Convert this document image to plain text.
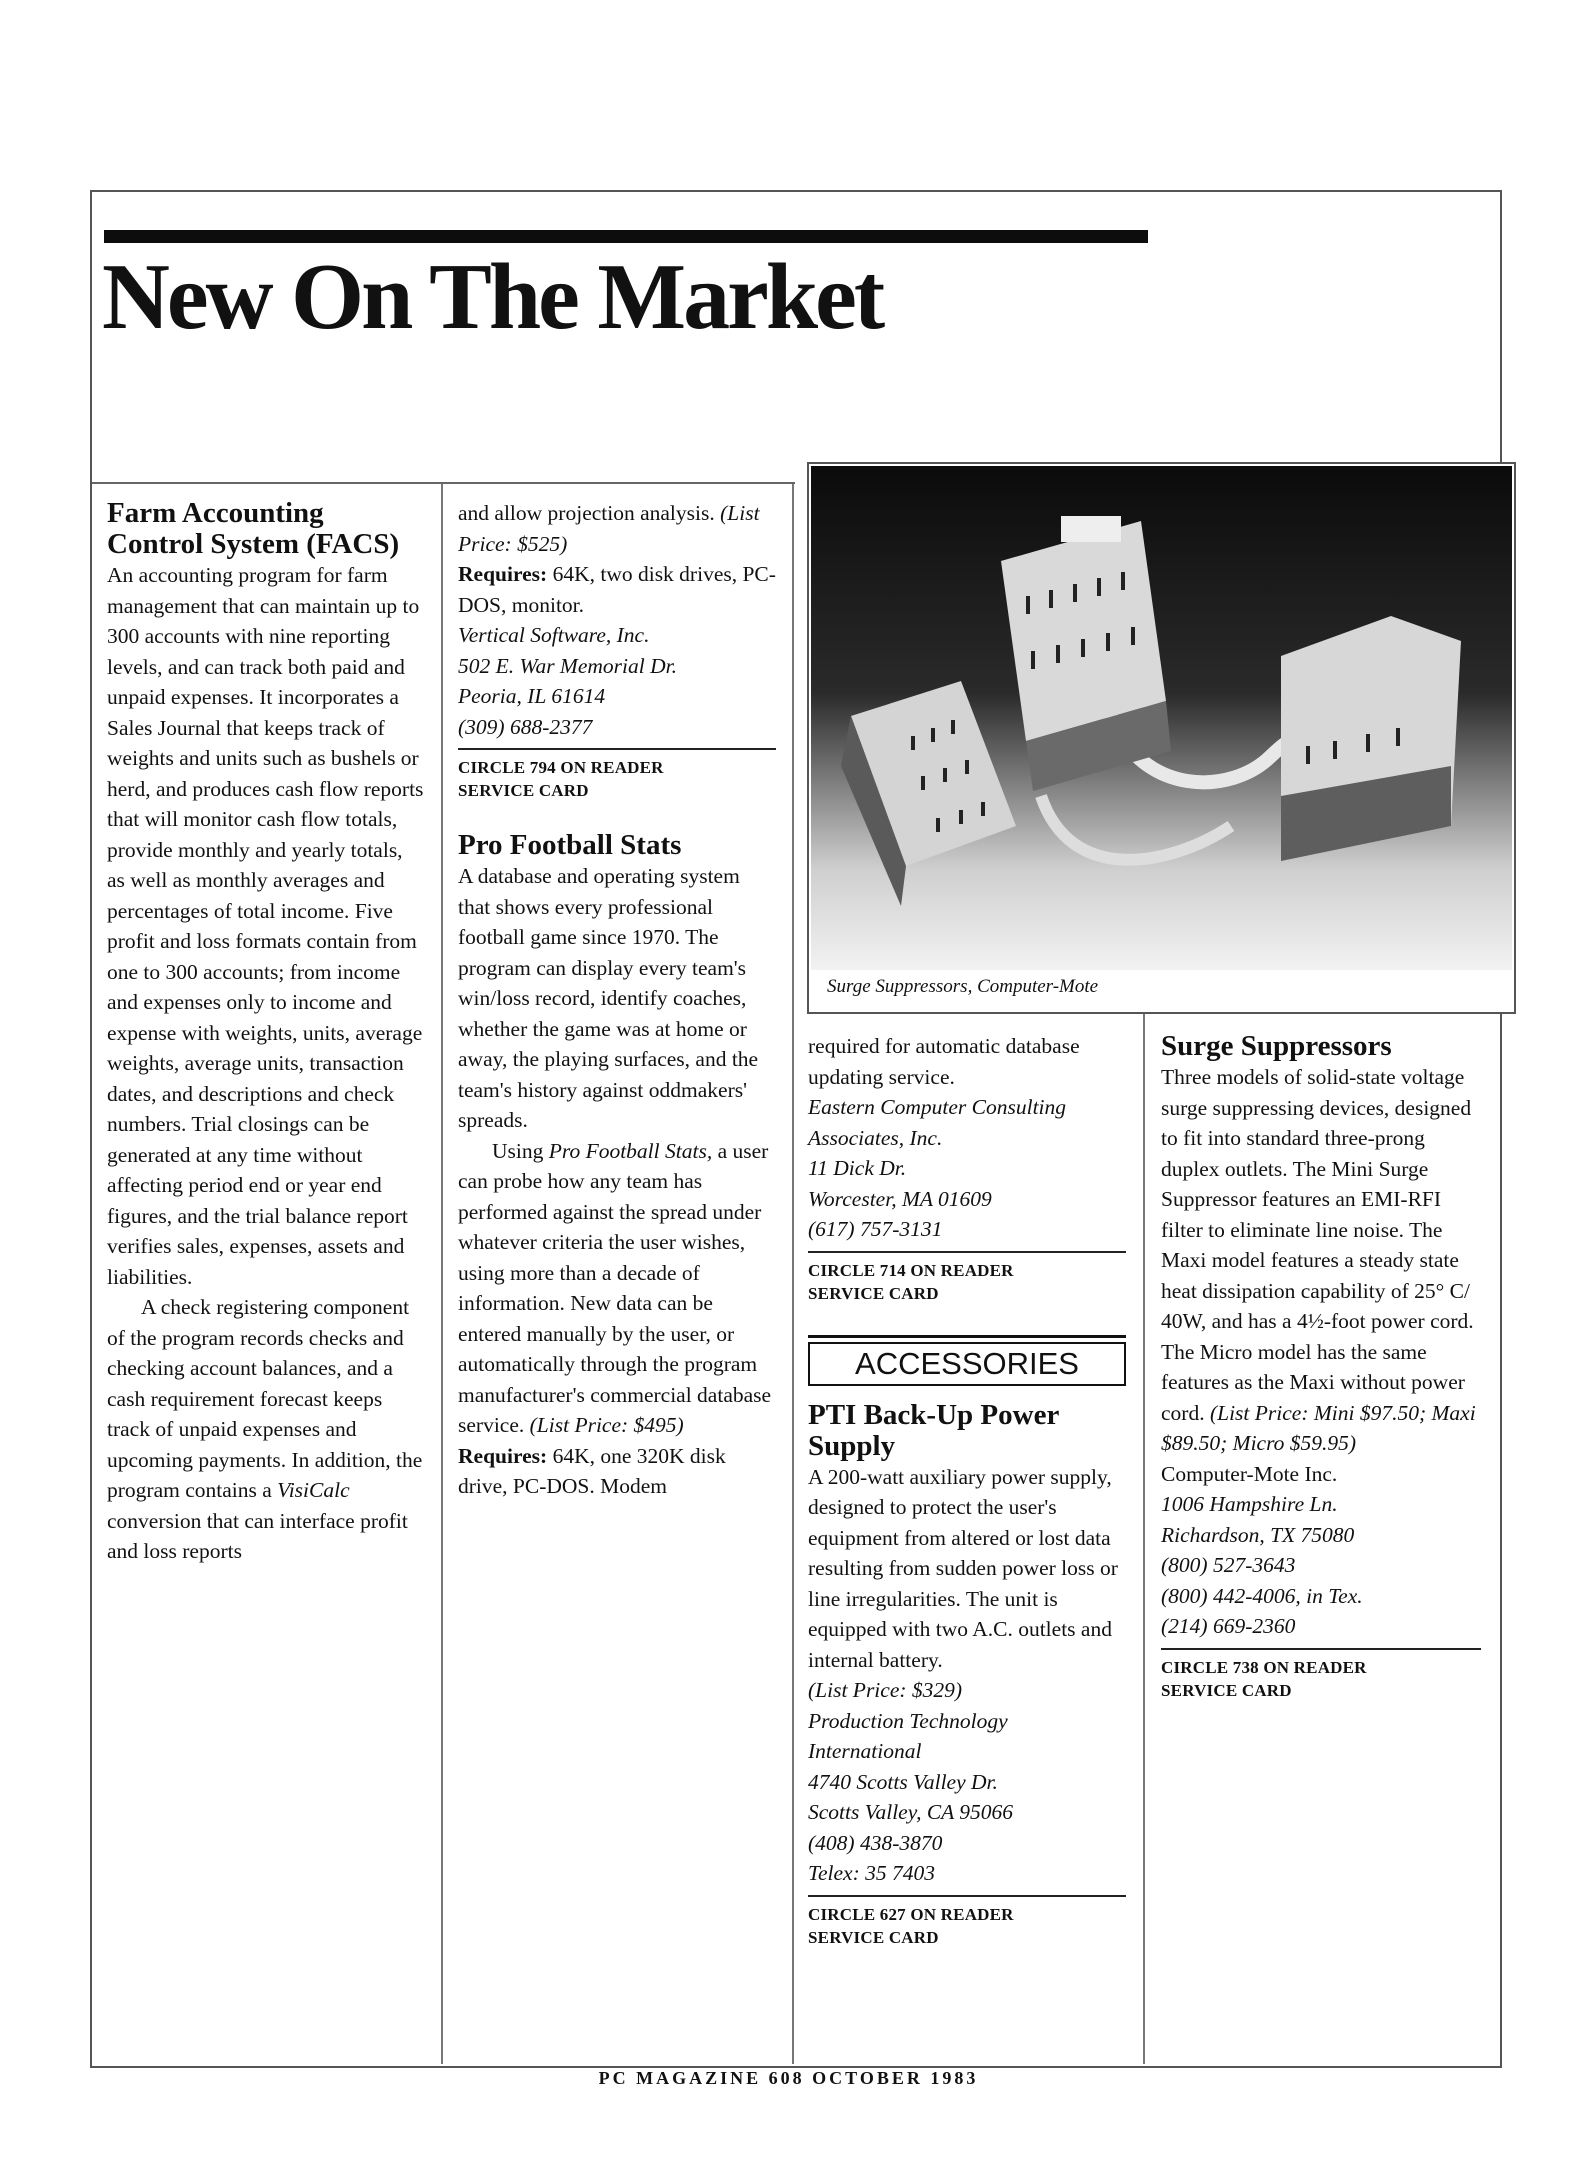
New On The Market

Farm Accounting Control System (FACS)

An accounting program for farm management that can maintain up to 300 accounts with nine reporting levels, and can track both paid and unpaid expenses. It incorporates a Sales Journal that keeps track of weights and units such as bushels or herd, and produces cash flow reports that will monitor cash flow totals, provide monthly and yearly totals, as well as monthly averages and percentages of total income. Five profit and loss formats contain from one to 300 accounts; from income and expenses only to income and expense with weights, units, average weights, average units, transaction dates, and descriptions and check numbers. Trial closings can be generated at any time without affecting period end or year end figures, and the trial balance report verifies sales, expenses, assets and liabilities.

A check registering component of the program records checks and checking account balances, and a cash requirement forecast keeps track of unpaid expenses and upcoming payments. In addition, the program contains a VisiCalc conversion that can interface profit and loss reports

and allow projection analysis. (List Price: $525)

Requires: 64K, two disk drives, PC-DOS, monitor.

Vertical Software, Inc.
502 E. War Memorial Dr.
Peoria, IL 61614
(309) 688-2377

CIRCLE 794 ON READER
SERVICE CARD

Pro Football Stats

A database and operating system that shows every professional football game since 1970. The program can display every team's win/loss record, identify coaches, whether the game was at home or away, the playing surfaces, and the team's history against oddmakers' spreads.

Using Pro Football Stats, a user can probe how any team has performed against the spread under whatever criteria the user wishes, using more than a decade of information. New data can be entered manually by the user, or automatically through the program manufacturer's commercial database service. (List Price: $495)

Requires: 64K, one 320K disk drive, PC-DOS. Modem

Surge Suppressors, Computer-Mote

required for automatic database updating service.

Eastern Computer Consulting Associates, Inc.
11 Dick Dr.
Worcester, MA 01609
(617) 757-3131

CIRCLE 714 ON READER
SERVICE CARD
ACCESSORIES

PTI Back-Up Power Supply

A 200-watt auxiliary power supply, designed to protect the user's equipment from altered or lost data resulting from sudden power loss or line irregularities. The unit is equipped with two A.C. outlets and internal battery.

(List Price: $329)

Production Technology International
4740 Scotts Valley Dr.
Scotts Valley, CA 95066
(408) 438-3870
Telex: 35 7403

CIRCLE 627 ON READER
SERVICE CARD

Surge Suppressors

Three models of solid-state voltage surge suppressing devices, designed to fit into standard three-prong duplex outlets. The Mini Surge Suppressor features an EMI-RFI filter to eliminate line noise. The Maxi model features a steady state heat dissipation capability of 25° C/ 40W, and has a 4½-foot power cord. The Micro model has the same features as the Maxi without power cord. (List Price: Mini $97.50; Maxi $89.50; Micro $59.95)

Computer-Mote Inc.

1006 Hampshire Ln.
Richardson, TX 75080
(800) 527-3643
(800) 442-4006, in Tex.
(214) 669-2360

CIRCLE 738 ON READER
SERVICE CARD
PC MAGAZINE 608 OCTOBER 1983
